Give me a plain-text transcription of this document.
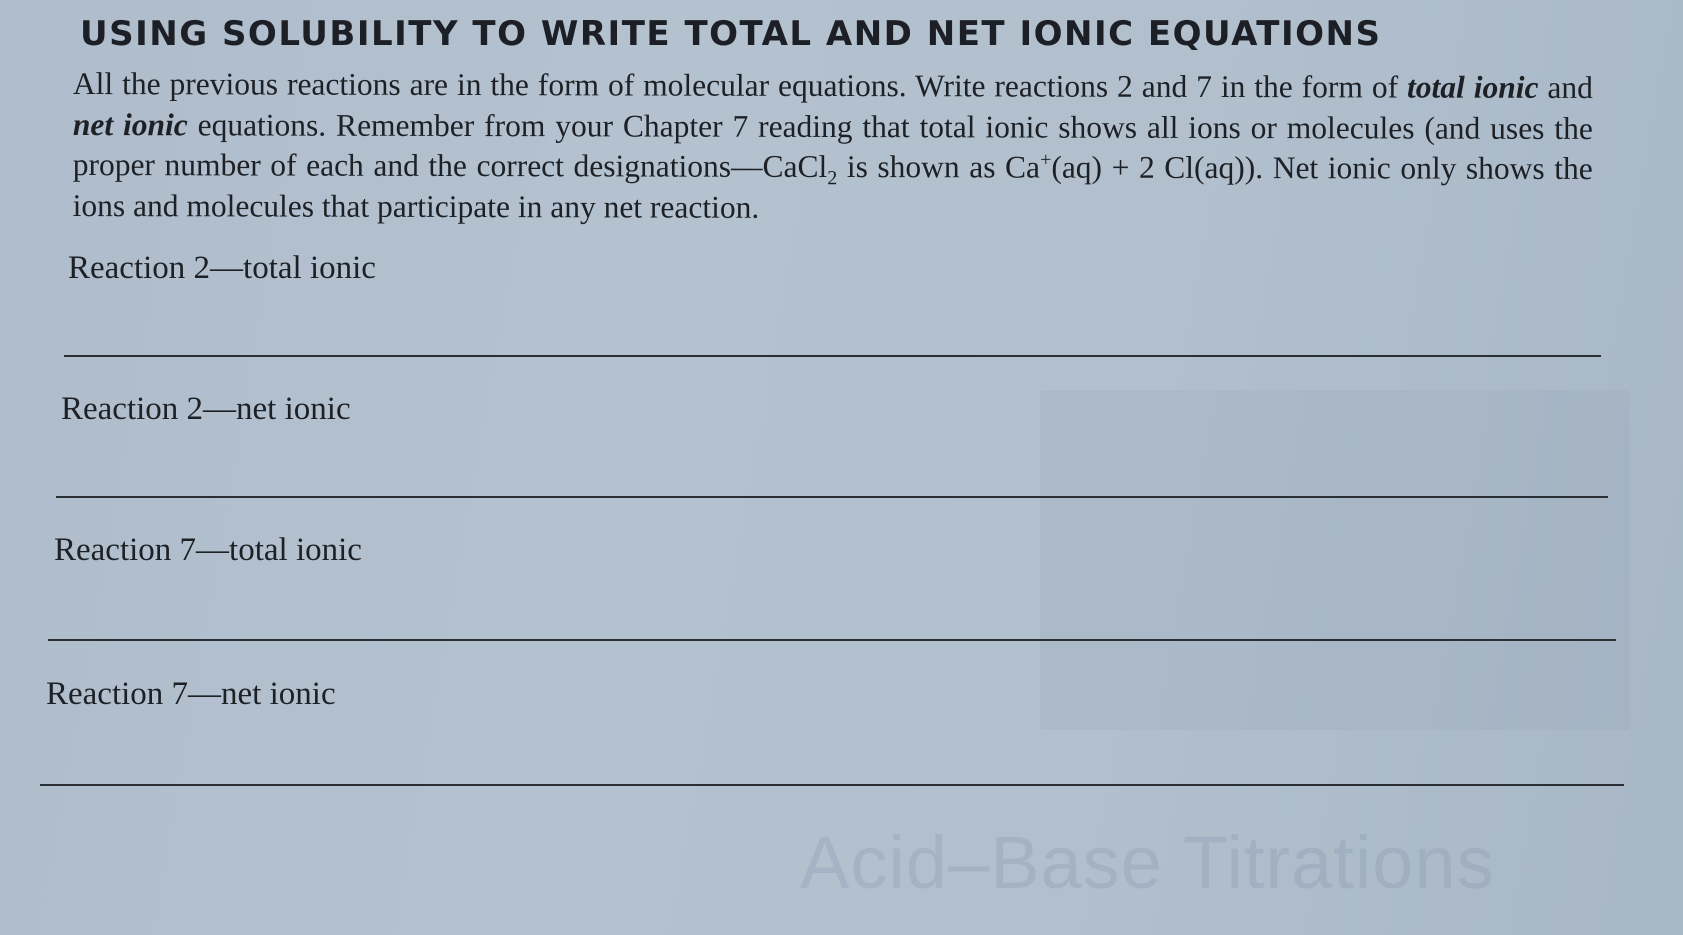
Acid–Base Titrations
USING SOLUBILITY TO WRITE TOTAL AND NET IONIC EQUATIONS

All the previous reactions are in the form of molecular equations. Write reactions 2 and 7 in the form of total ionic and net ionic equations. Remember from your Chapter 7 reading that total ionic shows all ions or molecules (and uses the proper number of each and the correct designations—CaCl$_2$ is shown as Ca+(aq) + 2 Cl(aq)). Net ionic only shows the ions and molecules that participate in any net reaction.

Reaction 2—total ionic
Reaction 2—net ionic
Reaction 7—total ionic
Reaction 7—net ionic
